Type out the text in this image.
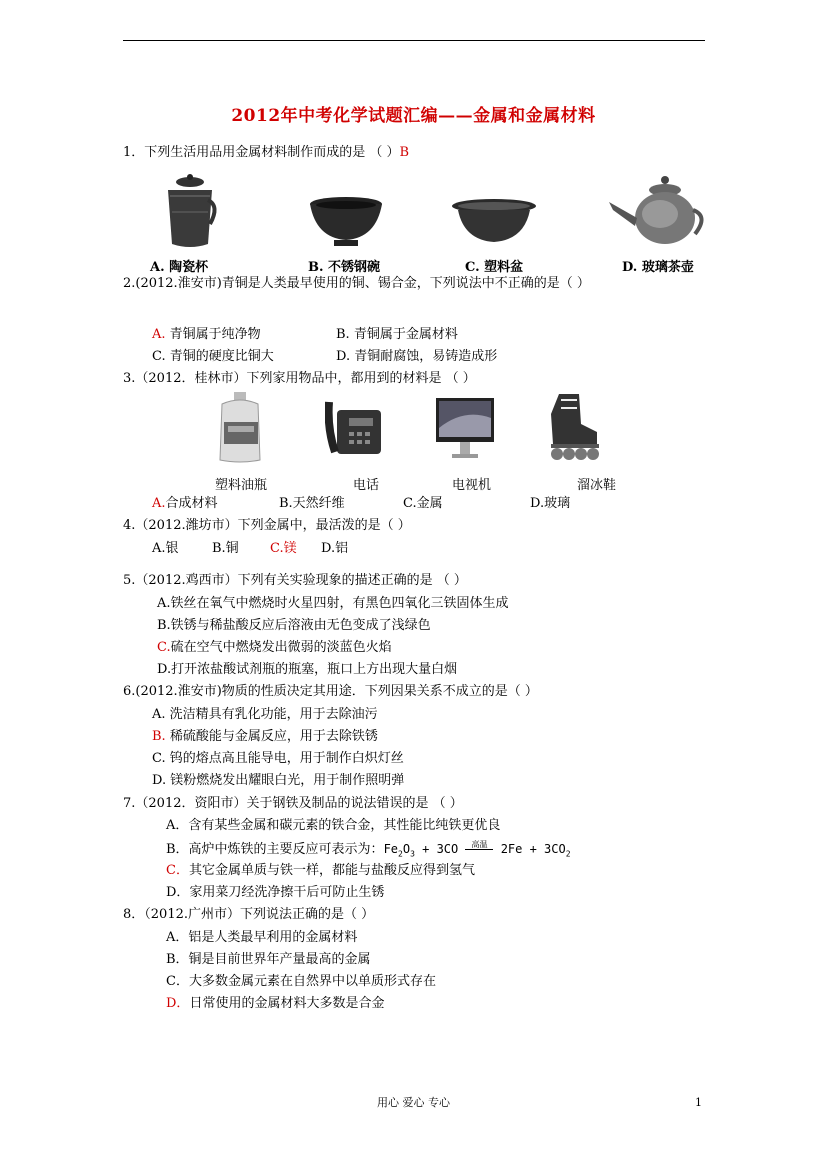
2012年中考化学试题汇编——金属和金属材料
1．下列生活用品用金属材料制作而成的是 （ ）B
A. 陶瓷杯	B. 不锈钢碗	C. 塑料盆	D. 玻璃茶壶
2.(2012.淮安市)青铜是人类最早使用的铜、锡合金，下列说法中不正确的是（ ）
A. 青铜属于纯净物	B. 青铜属于金属材料
C. 青铜的硬度比铜大	D. 青铜耐腐蚀，易铸造成形
3.（2012．桂林市）下列家用物品中，都用到的材料是 （ ）
塑料油瓶	电话	电视机	溜冰鞋
A.合成材料	B.天然纤维	C.金属	D.玻璃
4.（2012.潍坊市）下列金属中，最活泼的是（ ）
A.银	B.铜 C.镁 D.铝
5.（2012.鸡西市）下列有关实验现象的描述正确的是 （ ）
A.铁丝在氧气中燃烧时火星四射，有黑色四氧化三铁固体生成
B.铁锈与稀盐酸反应后溶液由无色变成了浅绿色
C.硫在空气中燃烧发出微弱的淡蓝色火焰
D.打开浓盐酸试剂瓶的瓶塞，瓶口上方出现大量白烟
6.(2012.淮安市)物质的性质决定其用途．下列因果关系不成立的是（ ）
A. 洗洁精具有乳化功能，用于去除油污
B. 稀硫酸能与金属反应，用于去除铁锈
C. 钨的熔点高且能导电，用于制作白炽灯丝
D. 镁粉燃烧发出耀眼白光，用于制作照明弹
7.（2012．资阳市）关于钢铁及制品的说法错误的是 （ ）
A．含有某些金属和碳元素的铁合金，其性能比纯铁更优良
B．高炉中炼铁的主要反应可表示为：$Fe_2O_3 + 3CO$ 高温 $2Fe + 3CO_2$
C．其它金属单质与铁一样，都能与盐酸反应得到氢气
D．家用菜刀经洗净擦干后可防止生锈
8．（2012.广州市）下列说法正确的是（ ）
A．铝是人类最早利用的金属材料
B．铜是目前世界年产量最高的金属
C．大多数金属元素在自然界中以单质形式存在
D．日常使用的金属材料大多数是合金
用心 爱心 专心	1
